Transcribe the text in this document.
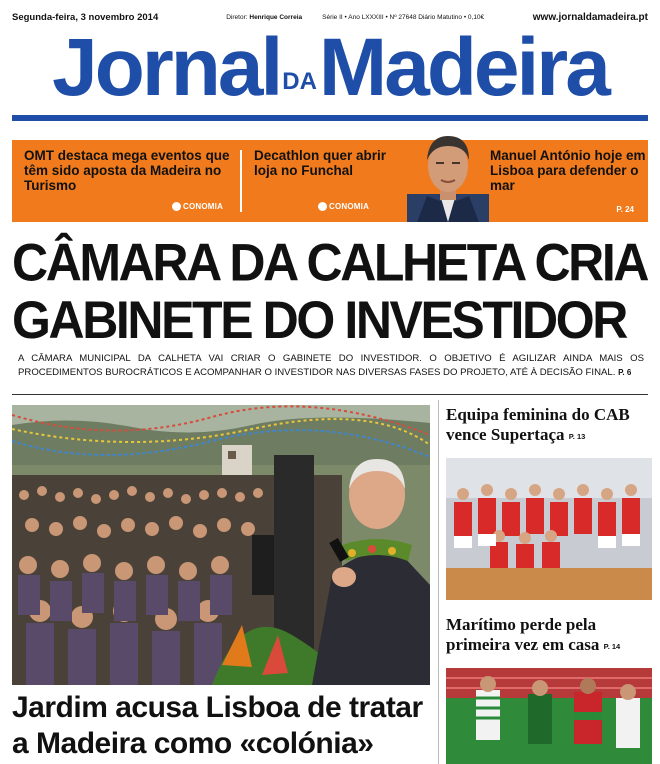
Segunda-feira, 3 novembro 2014	Diretor: Henrique Correia	Série II • Ano LXXXIII • Nº 27648 Diário Matutino • 0,10€	www.jornaldamadeira.pt
JornalDAMadeira
OMT destaca mega eventos que têm sido aposta da Madeira no Turismo
CONOMIA
Decathlon quer abrir loja no Funchal
CONOMIA
Manuel António hoje em Lisboa para defender o mar
P. 24
CÂMARA DA CALHETA CRIA GABINETE DO INVESTIDOR
A CÂMARA MUNICIPAL DA CALHETA VAI CRIAR O GABINETE DO INVESTIDOR. O OBJETIVO É AGILIZAR AINDA MAIS OS PROCEDIMENTOS BUROCRÁTICOS E ACOMPANHAR O INVESTIDOR NAS DIVERSAS FASES DO PROJETO, ATÉ À DECISÃO FINAL. P. 6
Jardim acusa Lisboa de tratar a Madeira como «colónia»
Equipa feminina do CAB vence Supertaça P. 13
Marítimo perde pela primeira vez em casa P. 14
